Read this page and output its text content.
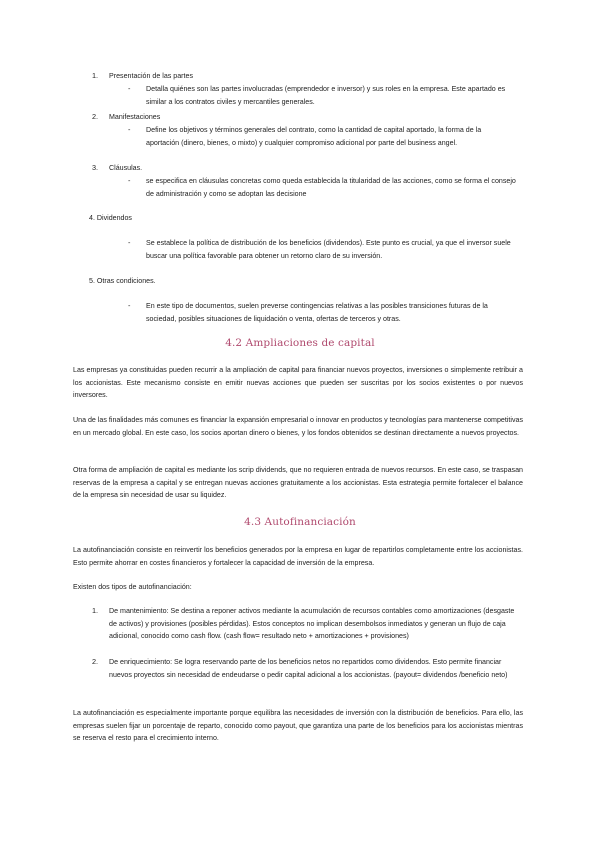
1. Presentación de las partes
- Detalla quiénes son las partes involucradas (emprendedor e inversor) y sus roles en la empresa. Este apartado es similar a los contratos civiles y mercantiles generales.
2. Manifestaciones
- Define los objetivos y términos generales del contrato, como la cantidad de capital aportado, la forma de la aportación (dinero, bienes, o mixto) y cualquier compromiso adicional por parte del business angel.
3. Cláusulas.
- se especifica en cláusulas concretas como queda establecida la titularidad de las acciones, como se forma el consejo de administración y como se adoptan las decisione
4. Dividendos
- Se establece la política de distribución de los beneficios (dividendos). Este punto es crucial, ya que el inversor suele buscar una política favorable para obtener un retorno claro de su inversión.
5. Otras condiciones.
- En este tipo de documentos, suelen preverse contingencias relativas a las posibles transiciones futuras de la sociedad, posibles situaciones de liquidación o venta, ofertas de terceros y otras.
4.2 Ampliaciones de capital
Las empresas ya constituidas pueden recurrir a la ampliación de capital para financiar nuevos proyectos, inversiones o simplemente retribuir a los accionistas. Este mecanismo consiste en emitir nuevas acciones que pueden ser suscritas por los socios existentes o por nuevos inversores.
Una de las finalidades más comunes es financiar la expansión empresarial o innovar en productos y tecnologías para mantenerse competitivas en un mercado global. En este caso, los socios aportan dinero o bienes, y los fondos obtenidos se destinan directamente a nuevos proyectos.
Otra forma de ampliación de capital es mediante los scrip dividends, que no requieren entrada de nuevos recursos. En este caso, se traspasan reservas de la empresa a capital y se entregan nuevas acciones gratuitamente a los accionistas. Esta estrategia permite fortalecer el balance de la empresa sin necesidad de usar su liquidez.
4.3 Autofinanciación
La autofinanciación consiste en reinvertir los beneficios generados por la empresa en lugar de repartirlos completamente entre los accionistas. Esto permite ahorrar en costes financieros y fortalecer la capacidad de inversión de la empresa.
Existen dos tipos de autofinanciación:
1. De mantenimiento: Se destina a reponer activos mediante la acumulación de recursos contables como amortizaciones (desgaste de activos) y provisiones (posibles pérdidas). Estos conceptos no implican desembolsos inmediatos y generan un flujo de caja adicional, conocido como cash flow. (cash flow= resultado neto + amortizaciones + provisiones)
2. De enriquecimiento: Se logra reservando parte de los beneficios netos no repartidos como dividendos. Esto permite financiar nuevos proyectos sin necesidad de endeudarse o pedir capital adicional a los accionistas. (payout= dividendos /beneficio neto)
La autofinanciación es especialmente importante porque equilibra las necesidades de inversión con la distribución de beneficios. Para ello, las empresas suelen fijar un porcentaje de reparto, conocido como payout, que garantiza una parte de los beneficios para los accionistas mientras se reserva el resto para el crecimiento interno.
